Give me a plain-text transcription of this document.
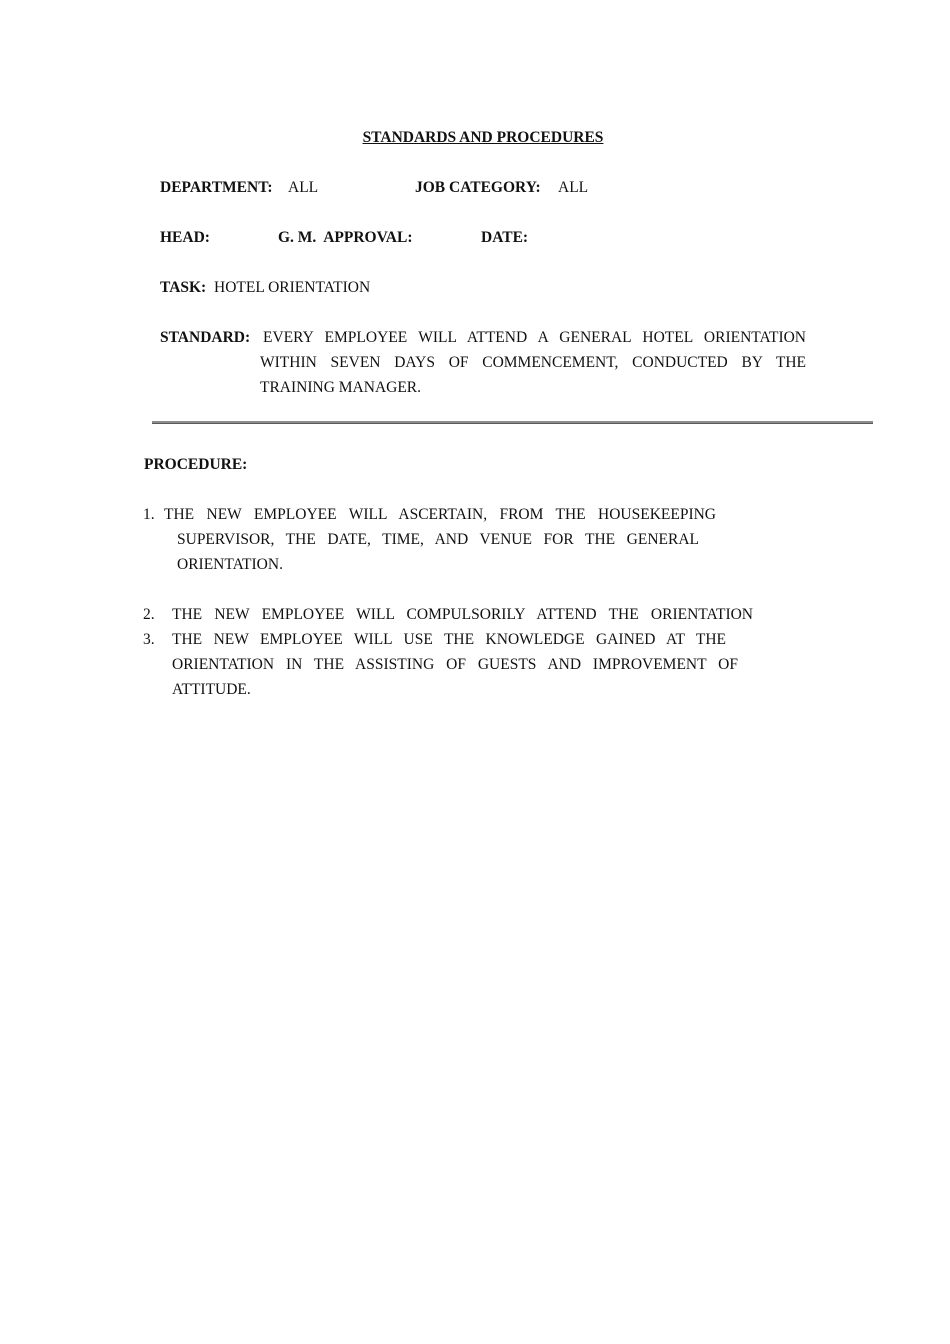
STANDARDS AND PROCEDURES
DEPARTMENT: ALL	JOB CATEGORY: ALL
HEAD:	G. M.  APPROVAL:	DATE:
TASK: HOTEL ORIENTATION
STANDARD: EVERY EMPLOYEE WILL ATTEND A GENERAL HOTEL ORIENTATION
WITHIN SEVEN DAYS OF COMMENCEMENT, CONDUCTED BY THE
TRAINING MANAGER.
PROCEDURE:
1. THE NEW EMPLOYEE WILL ASCERTAIN, FROM THE HOUSEKEEPING
SUPERVISOR, THE DATE, TIME, AND VENUE FOR THE GENERAL
ORIENTATION.
2. THE NEW EMPLOYEE WILL COMPULSORILY ATTEND THE ORIENTATION
3. THE NEW EMPLOYEE WILL USE THE KNOWLEDGE GAINED AT THE
ORIENTATION IN THE ASSISTING OF GUESTS AND IMPROVEMENT OF
ATTITUDE.
